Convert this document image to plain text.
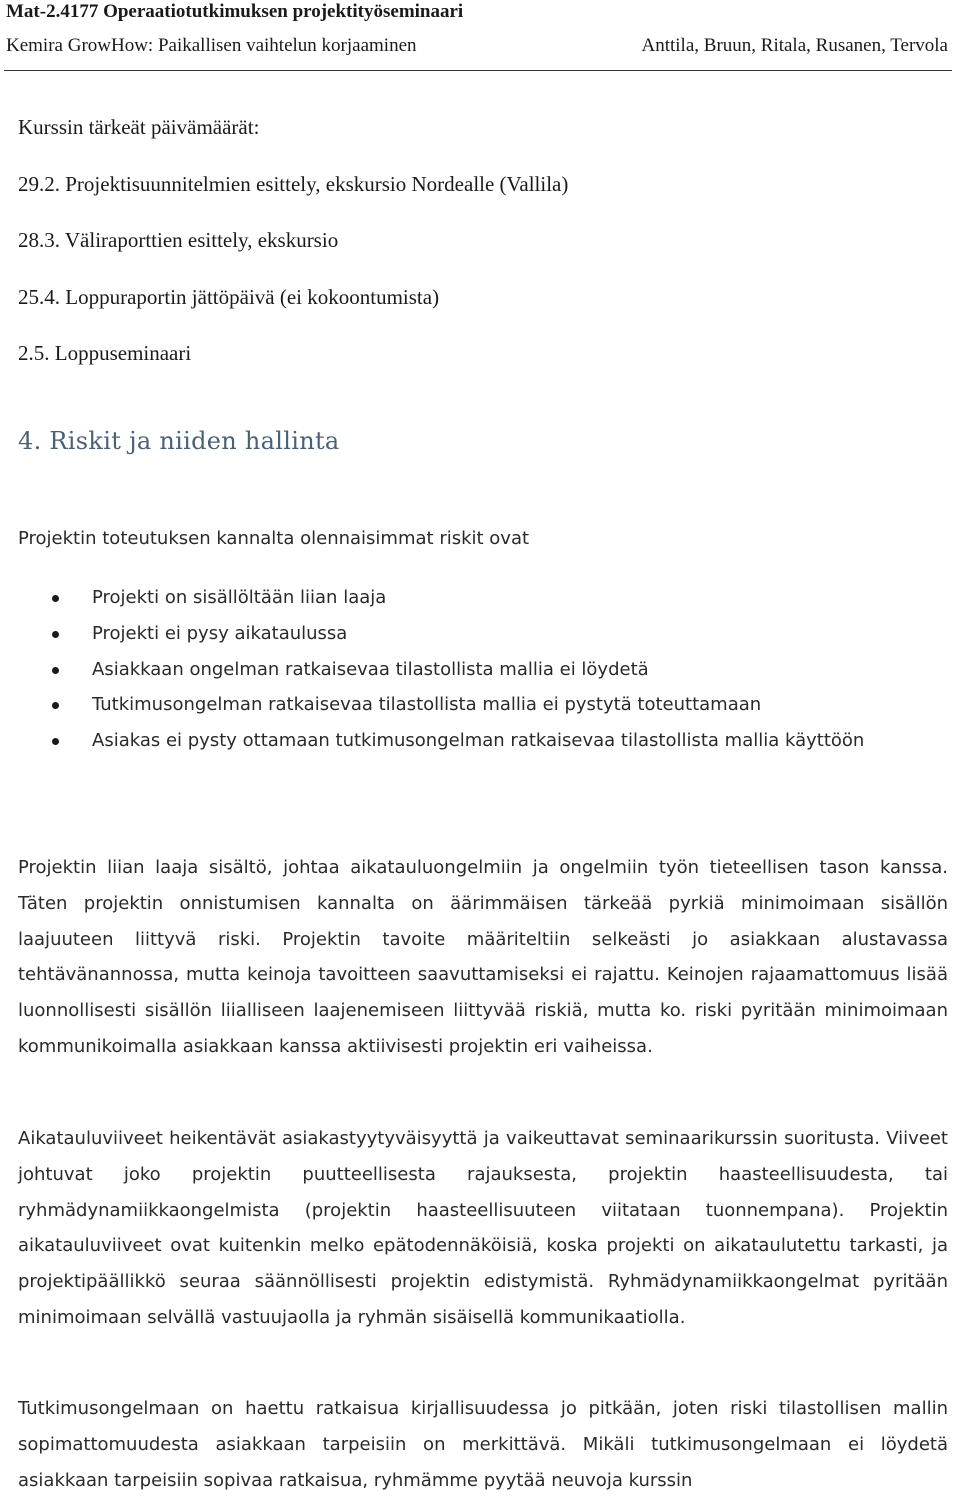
Mat-2.4177 Operaatiotutkimuksen projektityöseminaari
Kemira GrowHow: Paikallisen vaihtelun korjaaminen	Anttila, Bruun, Ritala, Rusanen, Tervola
Kurssin tärkeät päivämäärät:
29.2. Projektisuunnitelmien esittely, ekskursio Nordealle (Vallila)
28.3. Väliraporttien esittely, ekskursio
25.4. Loppuraportin jättöpäivä (ei kokoontumista)
2.5. Loppuseminaari
4. Riskit ja niiden hallinta
Projektin toteutuksen kannalta olennaisimmat riskit ovat
Projekti on sisällöltään liian laaja
Projekti ei pysy aikataulussa
Asiakkaan ongelman ratkaisevaa tilastollista mallia ei löydetä
Tutkimusongelman ratkaisevaa tilastollista mallia ei pystytä toteuttamaan
Asiakas ei pysty ottamaan tutkimusongelman ratkaisevaa tilastollista mallia käyttöön

Projektin liian laaja sisältö, johtaa aikatauluongelmiin ja ongelmiin työn tieteellisen tason kanssa. Täten projektin onnistumisen kannalta on äärimmäisen tärkeää pyrkiä minimoimaan sisällön laajuuteen liittyvä riski. Projektin tavoite määriteltiin selkeästi jo asiakkaan alustavassa tehtävänannossa, mutta keinoja tavoitteen saavuttamiseksi ei rajattu. Keinojen rajaamattomuus lisää luonnollisesti sisällön liialliseen laajenemiseen liittyvää riskiä, mutta ko. riski pyritään minimoimaan kommunikoimalla asiakkaan kanssa aktiivisesti projektin eri vaiheissa.

Aikatauluviiveet heikentävät asiakastyytyväisyyttä ja vaikeuttavat seminaarikurssin suoritusta. Viiveet johtuvat joko projektin puutteellisesta rajauksesta, projektin haasteellisuudesta, tai ryhmädynamiikkaongelmista (projektin haasteellisuuteen viitataan tuonnempana). Projektin aikatauluviiveet ovat kuitenkin melko epätodennäköisiä, koska projekti on aikataulutettu tarkasti, ja projektipäällikkö seuraa säännöllisesti projektin edistymistä. Ryhmädynamiikkaongelmat pyritään minimoimaan selvällä vastuujaolla ja ryhmän sisäisellä kommunikaatiolla.

Tutkimusongelmaan on haettu ratkaisua kirjallisuudessa jo pitkään, joten riski tilastollisen mallin sopimattomuudesta asiakkaan tarpeisiin on merkittävä. Mikäli tutkimusongelmaan ei löydetä asiakkaan tarpeisiin sopivaa ratkaisua, ryhmämme pyytää neuvoja kurssin
